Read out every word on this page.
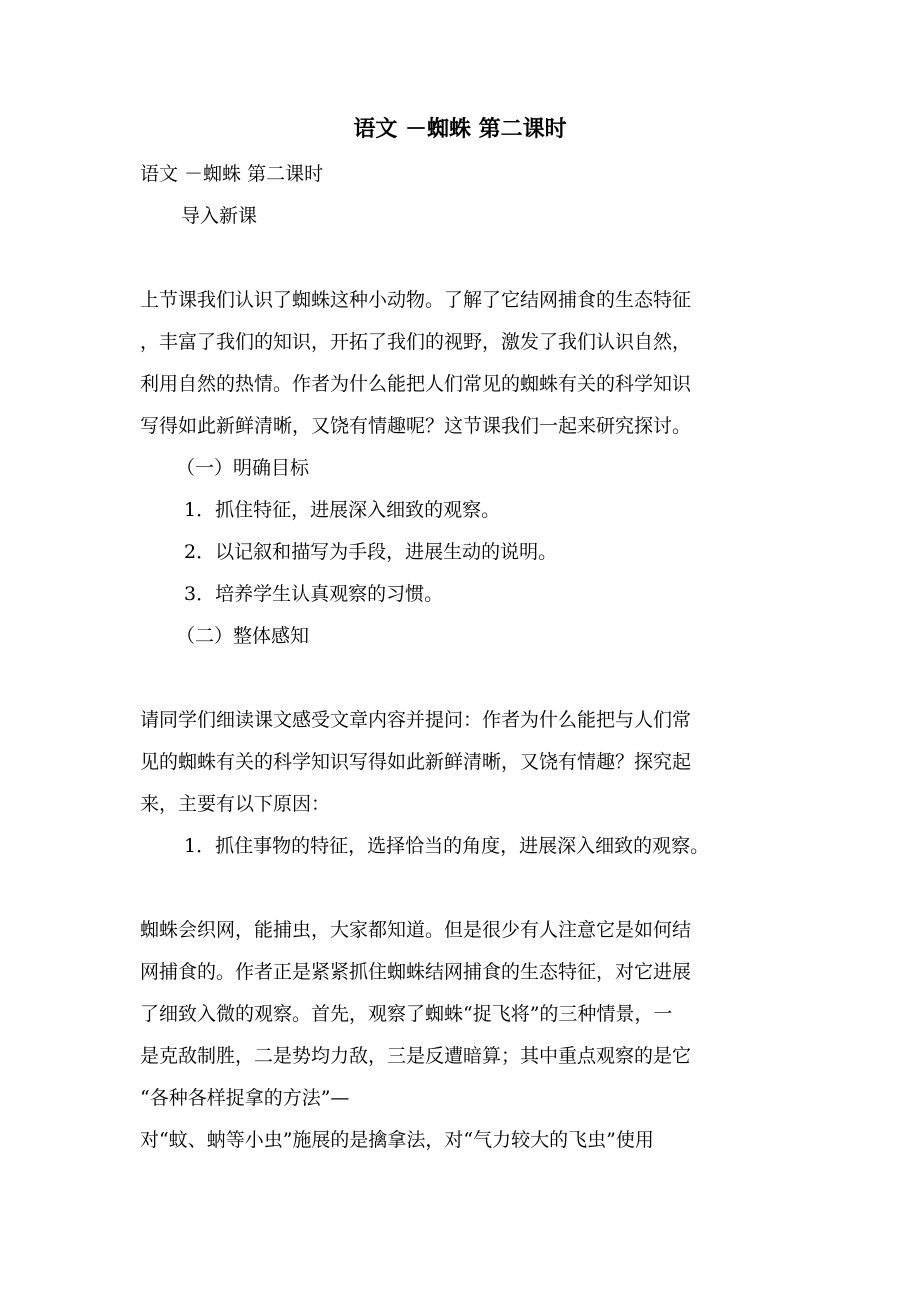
语文 －蜘蛛 第二课时
语文 －蜘蛛 第二课时
导入新课
上节课我们认识了蜘蛛这种小动物。了解了它结网捕食的生态特征
，丰富了我们的知识，开拓了我们的视野，激发了我们认识自然，
利用自然的热情。作者为什么能把人们常见的蜘蛛有关的科学知识
写得如此新鲜清晰，又饶有情趣呢？这节课我们一起来研究探讨。
（一）明确目标
1．抓住特征，进展深入细致的观察。
2．以记叙和描写为手段，进展生动的说明。
3．培养学生认真观察的习惯。
（二）整体感知
请同学们细读课文感受文章内容并提问：作者为什么能把与人们常
见的蜘蛛有关的科学知识写得如此新鲜清晰，又饶有情趣？探究起
来，主要有以下原因：
1．抓住事物的特征，选择恰当的角度，进展深入细致的观察。
蜘蛛会织网，能捕虫，大家都知道。但是很少有人注意它是如何结
网捕食的。作者正是紧紧抓住蜘蛛结网捕食的生态特征，对它进展
了细致入微的观察。首先，观察了蜘蛛“捉飞将”的三种情景，一
是克敌制胜，二是势均力敌，三是反遭暗算；其中重点观察的是它
“各种各样捉拿的方法”—
对“蚊、蚋等小虫”施展的是擒拿法，对“气力较大的飞虫”使用
